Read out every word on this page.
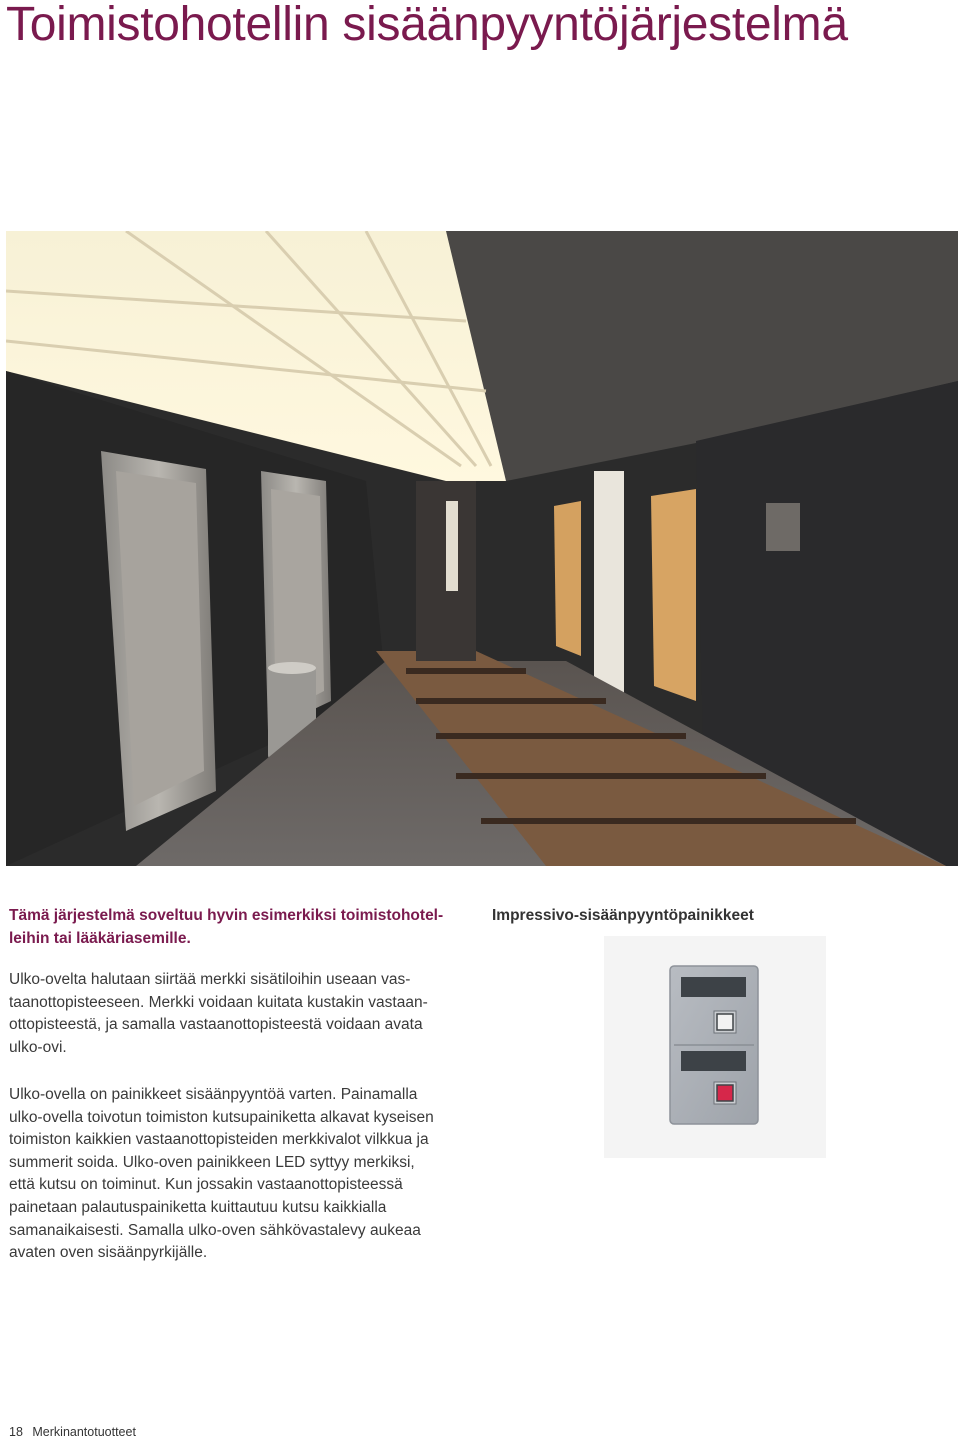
Toimistohotellin sisäänpyyntöjärjestelmä
Tämä järjestelmä soveltuu hyvin esimerkiksi toimistohotel-
leihin tai lääkäriasemille.
Impressivo-sisäänpyyntöpainikkeet
Ulko-ovelta halutaan siirtää merkki sisätiloihin useaan vas-
taanottopisteeseen. Merkki voidaan kuitata kustakin vastaan-
ottopisteestä, ja samalla vastaanottopisteestä voidaan avata
ulko-ovi.
Ulko-ovella on painikkeet sisäänpyyntöä varten. Painamalla
ulko-ovella toivotun toimiston kutsupainiketta alkavat kyseisen
toimiston kaikkien vastaanottopisteiden merkkivalot vilkkua ja
summerit soida. Ulko-oven painikkeen LED syttyy merkiksi,
että kutsu on toiminut. Kun jossakin vastaanottopisteessä
painetaan palautuspainiketta kuittautuu kutsu kaikkialla
samanaikaisesti. Samalla ulko-oven sähkövastalevy aukeaa
avaten oven sisäänpyrkijälle.
18 Merkinantotuotteet
